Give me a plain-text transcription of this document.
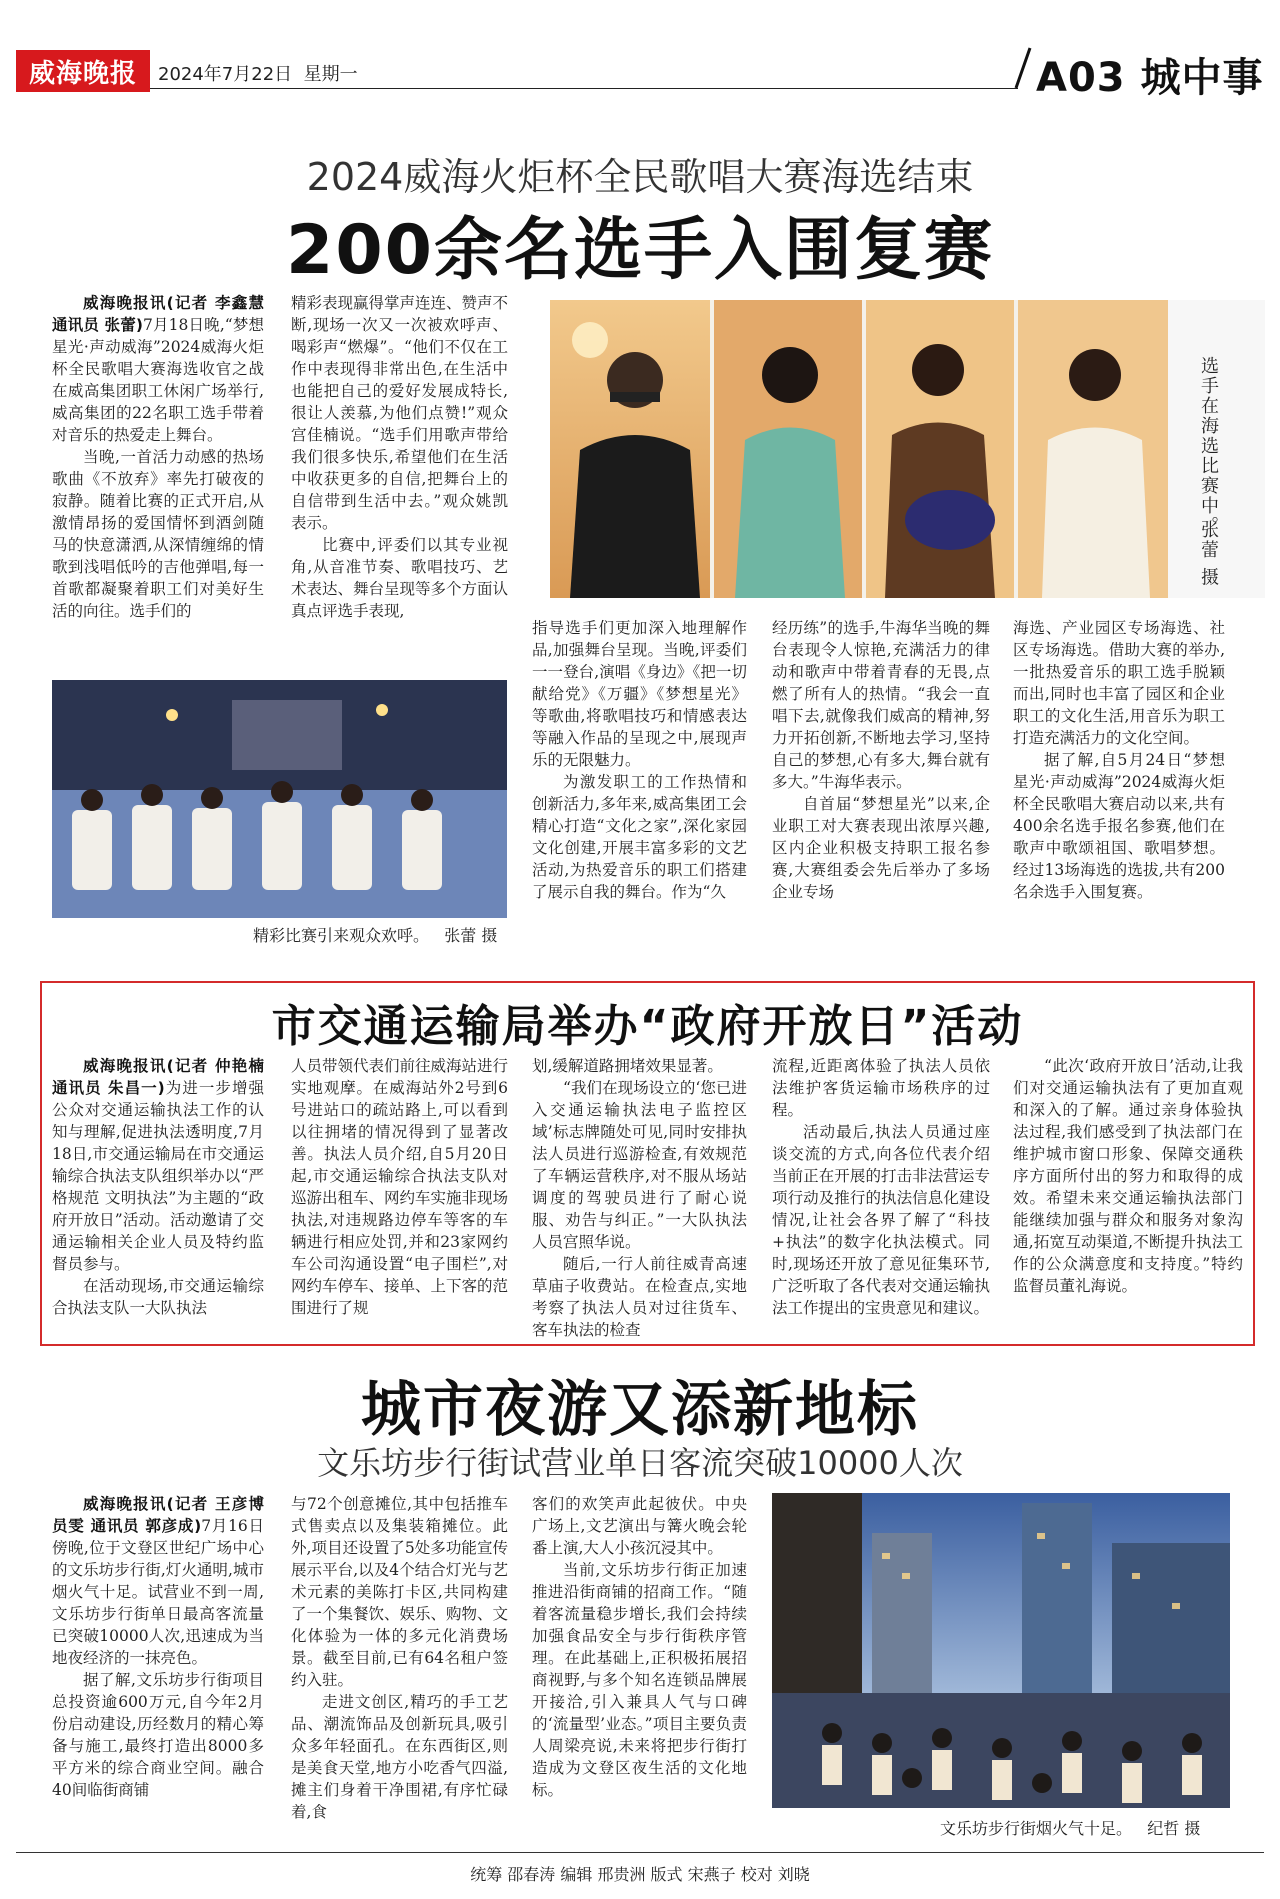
威海晚报 2024年7月22日 星期一	A03 城中事
2024威海火炬杯全民歌唱大赛海选结束
200余名选手入围复赛

威海晚报讯(记者 李鑫慧 通讯员 张蕾)7月18日晚,“梦想星光·声动威海”2024威海火炬杯全民歌唱大赛海选收官之战在威高集团职工休闲广场举行,威高集团的22名职工选手带着对音乐的热爱走上舞台。

当晚,一首活力动感的热场歌曲《不放弃》率先打破夜的寂静。随着比赛的正式开启,从激情昂扬的爱国情怀到酒剑随马的快意潇洒,从深情缠绵的情歌到浅唱低吟的吉他弹唱,每一首歌都凝聚着职工们对美好生活的向往。选手们的

精彩表现赢得掌声连连、赞声不断,现场一次又一次被欢呼声、喝彩声“燃爆”。“他们不仅在工作中表现得非常出色,在生活中也能把自己的爱好发展成特长,很让人羡慕,为他们点赞!”观众宫佳楠说。“选手们用歌声带给我们很多快乐,希望他们在生活中收获更多的自信,把舞台上的自信带到生活中去。”观众姚凯表示。

比赛中,评委们以其专业视角,从音准节奏、歌唱技巧、艺术表达、舞台呈现等多个方面认真点评选手表现,

选手在海选比赛中。
张蕾 摄
精彩比赛引来观众欢呼。 张蕾 摄

指导选手们更加深入地理解作品,加强舞台呈现。当晚,评委们一一登台,演唱《身边》《把一切献给党》《万疆》《梦想星光》等歌曲,将歌唱技巧和情感表达等融入作品的呈现之中,展现声乐的无限魅力。

为激发职工的工作热情和创新活力,多年来,威高集团工会精心打造“文化之家”,深化家园文化创建,开展丰富多彩的文艺活动,为热爱音乐的职工们搭建了展示自我的舞台。作为“久

经历练”的选手,牛海华当晚的舞台表现令人惊艳,充满活力的律动和歌声中带着青春的无畏,点燃了所有人的热情。“我会一直唱下去,就像我们威高的精神,努力开拓创新,不断地去学习,坚持自己的梦想,心有多大,舞台就有多大。”牛海华表示。

自首届“梦想星光”以来,企业职工对大赛表现出浓厚兴趣,区内企业积极支持职工报名参赛,大赛组委会先后举办了多场企业专场

海选、产业园区专场海选、社区专场海选。借助大赛的举办,一批热爱音乐的职工选手脱颖而出,同时也丰富了园区和企业职工的文化生活,用音乐为职工打造充满活力的文化空间。

据了解,自5月24日“梦想星光·声动威海”2024威海火炬杯全民歌唱大赛启动以来,共有400余名选手报名参赛,他们在歌声中歌颂祖国、歌唱梦想。经过13场海选的选拔,共有200名余选手入围复赛。

市交通运输局举办“政府开放日”活动

威海晚报讯(记者 仲艳楠 通讯员 朱昌一)为进一步增强公众对交通运输执法工作的认知与理解,促进执法透明度,7月18日,市交通运输局在市交通运输综合执法支队组织举办以“严格规范 文明执法”为主题的“政府开放日”活动。活动邀请了交通运输相关企业人员及特约监督员参与。

在活动现场,市交通运输综合执法支队一大队执法

人员带领代表们前往威海站进行实地观摩。在威海站外2号到6号进站口的疏站路上,可以看到以往拥堵的情况得到了显著改善。执法人员介绍,自5月20日起,市交通运输综合执法支队对巡游出租车、网约车实施非现场执法,对违规路边停车等客的车辆进行相应处罚,并和23家网约车公司沟通设置“电子围栏”,对网约车停车、接单、上下客的范围进行了规

划,缓解道路拥堵效果显著。

“我们在现场设立的‘您已进入交通运输执法电子监控区域’标志牌随处可见,同时安排执法人员进行巡游检查,有效规范了车辆运营秩序,对不服从场站调度的驾驶员进行了耐心说服、劝告与纠正。”一大队执法人员宫照华说。

随后,一行人前往威青高速草庙子收费站。在检查点,实地考察了执法人员对过往货车、客车执法的检查

流程,近距离体验了执法人员依法维护客货运输市场秩序的过程。

活动最后,执法人员通过座谈交流的方式,向各位代表介绍当前正在开展的打击非法营运专项行动及推行的执法信息化建设情况,让社会各界了解了“科技+执法”的数字化执法模式。同时,现场还开放了意见征集环节,广泛听取了各代表对交通运输执法工作提出的宝贵意见和建议。

“此次‘政府开放日’活动,让我们对交通运输执法有了更加直观和深入的了解。通过亲身体验执法过程,我们感受到了执法部门在维护城市窗口形象、保障交通秩序方面所付出的努力和取得的成效。希望未来交通运输执法部门能继续加强与群众和服务对象沟通,拓宽互动渠道,不断提升执法工作的公众满意度和支持度。”特约监督员董礼海说。

城市夜游又添新地标
文乐坊步行街试营业单日客流突破10000人次

威海晚报讯(记者 王彦博 员雯 通讯员 郭彦成)7月16日傍晚,位于文登区世纪广场中心的文乐坊步行街,灯火通明,城市烟火气十足。试营业不到一周,文乐坊步行街单日最高客流量已突破10000人次,迅速成为当地夜经济的一抹亮色。

据了解,文乐坊步行街项目总投资逾600万元,自今年2月份启动建设,历经数月的精心筹备与施工,最终打造出8000多平方米的综合商业空间。融合40间临街商铺

与72个创意摊位,其中包括推车式售卖点以及集装箱摊位。此外,项目还设置了5处多功能宣传展示平台,以及4个结合灯光与艺术元素的美陈打卡区,共同构建了一个集餐饮、娱乐、购物、文化体验为一体的多元化消费场景。截至目前,已有64名租户签约入驻。

走进文创区,精巧的手工艺品、潮流饰品及创新玩具,吸引众多年轻面孔。在东西街区,则是美食天堂,地方小吃香气四溢,摊主们身着干净围裙,有序忙碌着,食

客们的欢笑声此起彼伏。中央广场上,文艺演出与篝火晚会轮番上演,大人小孩沉浸其中。

当前,文乐坊步行街正加速推进沿街商铺的招商工作。“随着客流量稳步增长,我们会持续加强食品安全与步行街秩序管理。在此基础上,正积极拓展招商视野,与多个知名连锁品牌展开接洽,引入兼具人气与口碑的‘流量型’业态。”项目主要负责人周梁亮说,未来将把步行街打造成为文登区夜生活的文化地标。

文乐坊步行街烟火气十足。 纪哲 摄
统筹 邵春涛 编辑 邢贵洲 版式 宋燕子 校对 刘晓
